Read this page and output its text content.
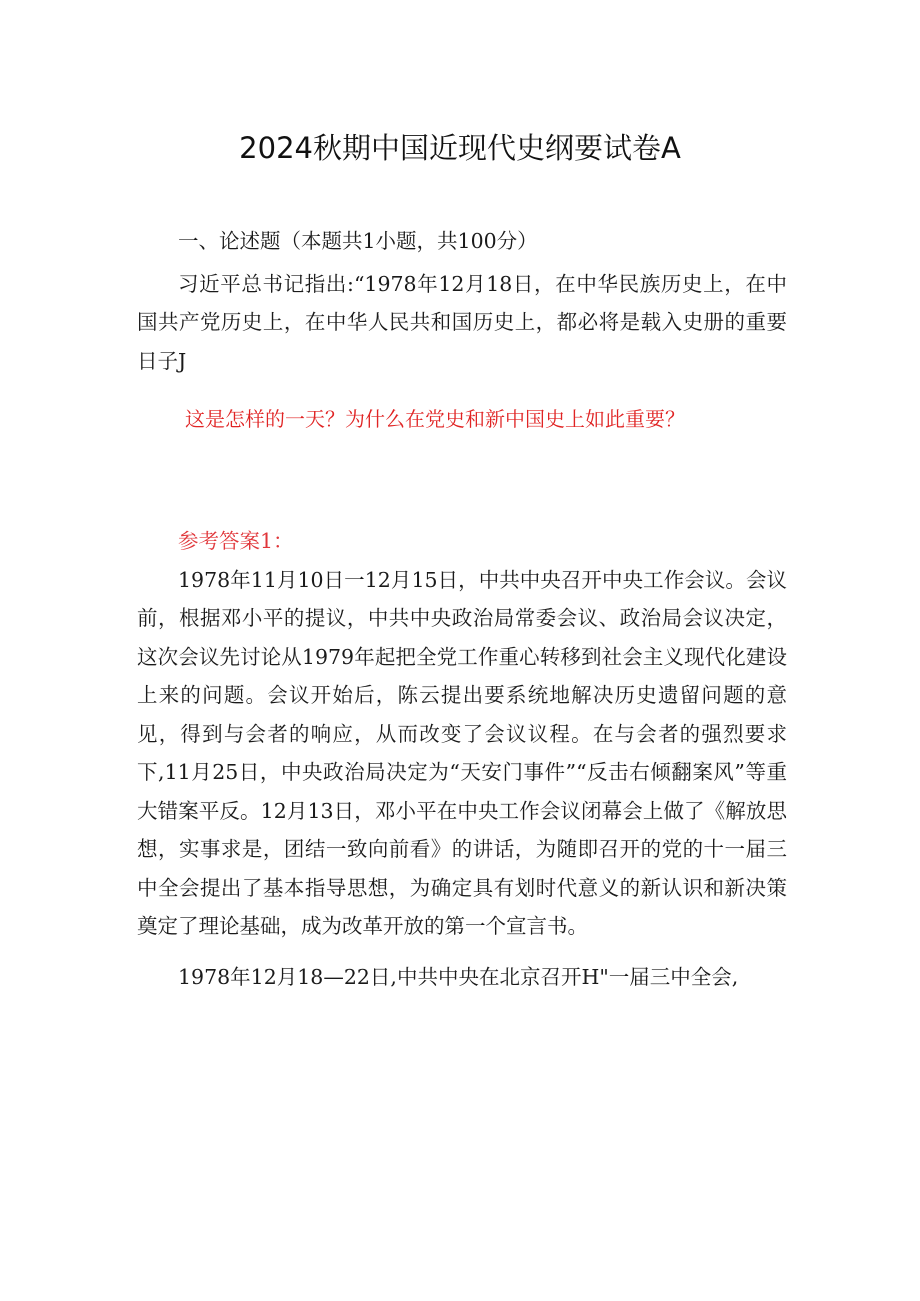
2024秋期中国近现代史纲要试卷A

一、论述题（本题共1小题，共100分）

习近平总书记指出:“1978年12月18日，在中华民族历史上，在中国共产党历史上，在中华人民共和国历史上，都必将是载入史册的重要日子J

这是怎样的一天？为什么在党史和新中国史上如此重要？

参考答案1：

1978年11月10日一12月15日，中共中央召开中央工作会议。会议前，根据邓小平的提议，中共中央政治局常委会议、政治局会议决定，这次会议先讨论从1979年起把全党工作重心转移到社会主义现代化建设上来的问题。会议开始后，陈云提出要系统地解决历史遗留问题的意见，得到与会者的响应，从而改变了会议议程。在与会者的强烈要求下,11月25日，中央政治局决定为“天安门事件”“反击右倾翻案风”等重大错案平反。12月13日，邓小平在中央工作会议闭幕会上做了《解放思想，实事求是，团结一致向前看》的讲话，为随即召开的党的十一届三中全会提出了基本指导思想，为确定具有划时代意义的新认识和新决策奠定了理论基础，成为改革开放的第一个宣言书。

1978年12月18—22日,中共中央在北京召开H"一届三中全会,
